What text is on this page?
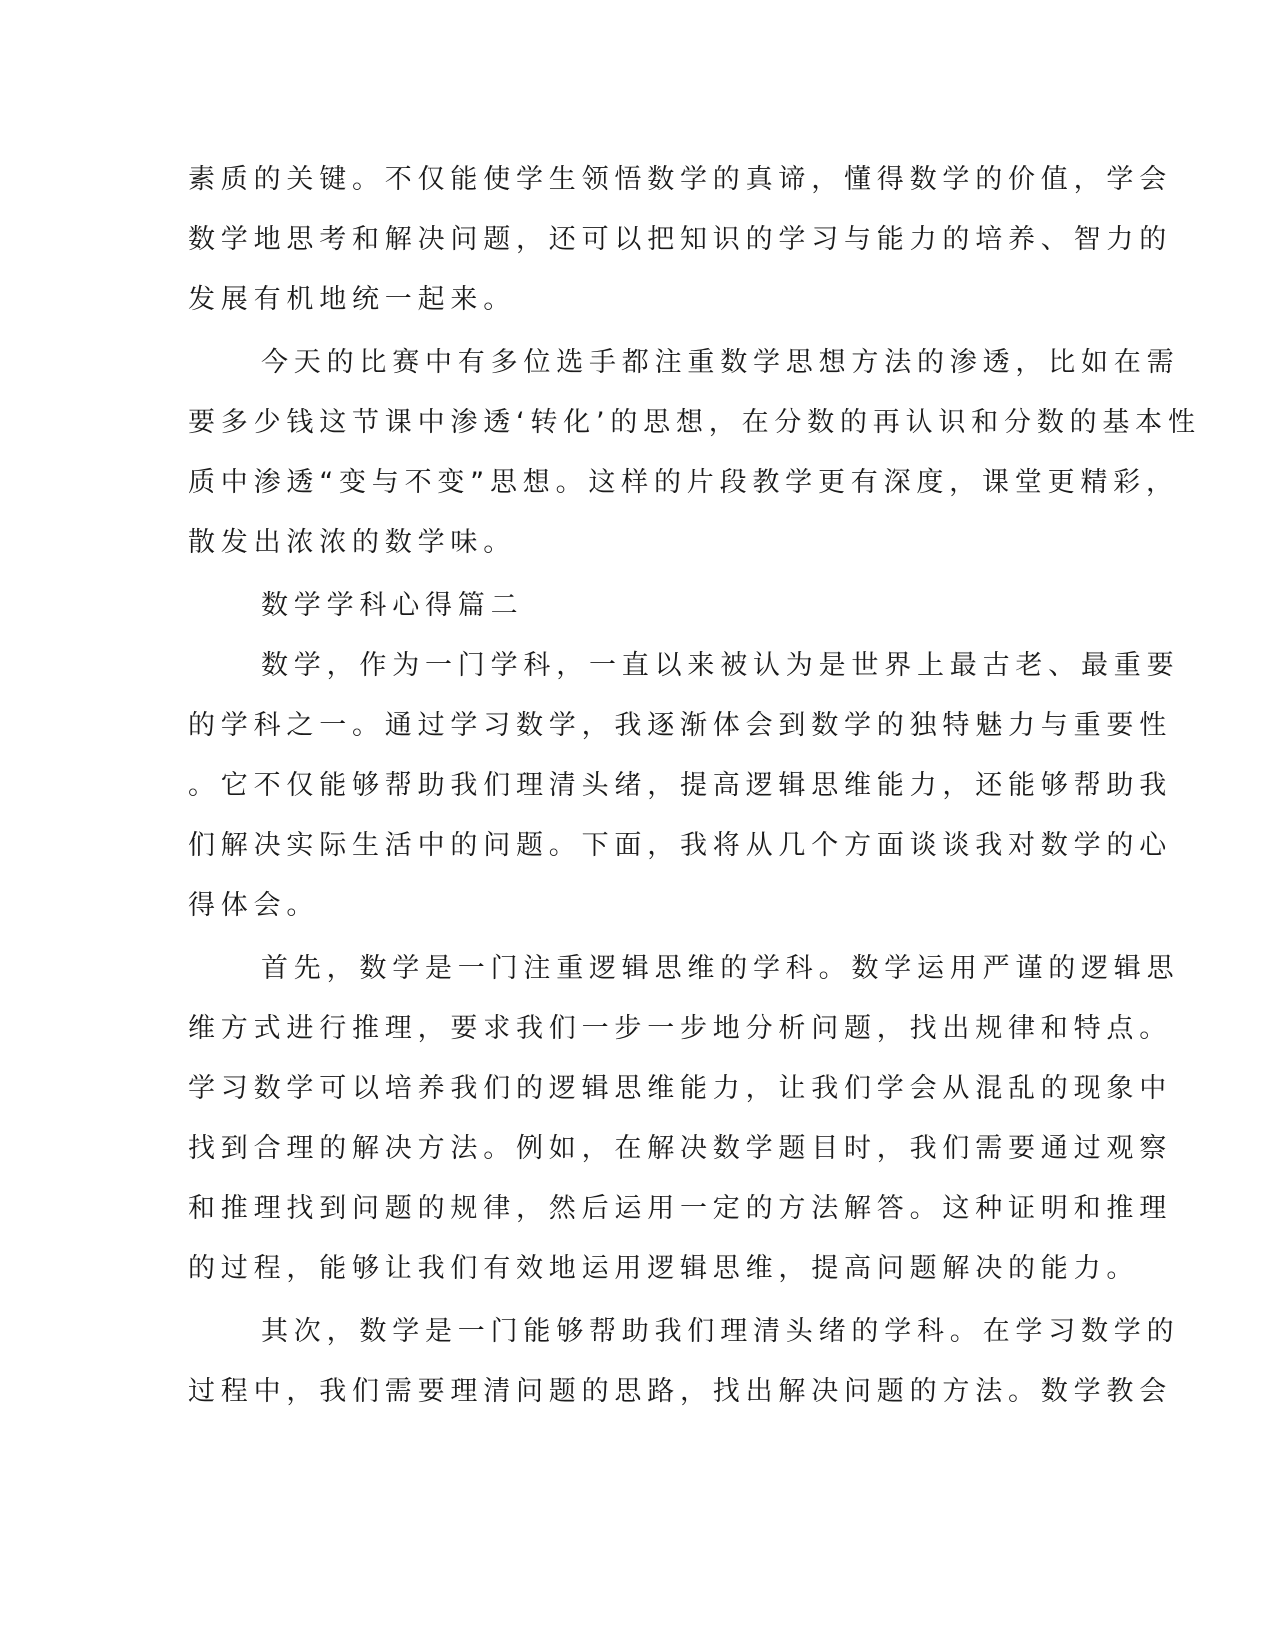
素质的关键。不仅能使学生领悟数学的真谛，懂得数学的价值，学会
数学地思考和解决问题，还可以把知识的学习与能力的培养、智力的
发展有机地统一起来。
今天的比赛中有多位选手都注重数学思想方法的渗透，比如在需
要多少钱这节课中渗透‘转化’的思想，在分数的再认识和分数的基本性
质中渗透“变与不变”思想。这样的片段教学更有深度，课堂更精彩，
散发出浓浓的数学味。
数学学科心得篇二
数学，作为一门学科，一直以来被认为是世界上最古老、最重要
的学科之一。通过学习数学，我逐渐体会到数学的独特魅力与重要性
。它不仅能够帮助我们理清头绪，提高逻辑思维能力，还能够帮助我
们解决实际生活中的问题。下面，我将从几个方面谈谈我对数学的心
得体会。
首先，数学是一门注重逻辑思维的学科。数学运用严谨的逻辑思
维方式进行推理，要求我们一步一步地分析问题，找出规律和特点。
学习数学可以培养我们的逻辑思维能力，让我们学会从混乱的现象中
找到合理的解决方法。例如，在解决数学题目时，我们需要通过观察
和推理找到问题的规律，然后运用一定的方法解答。这种证明和推理
的过程，能够让我们有效地运用逻辑思维，提高问题解决的能力。
其次，数学是一门能够帮助我们理清头绪的学科。在学习数学的
过程中，我们需要理清问题的思路，找出解决问题的方法。数学教会
